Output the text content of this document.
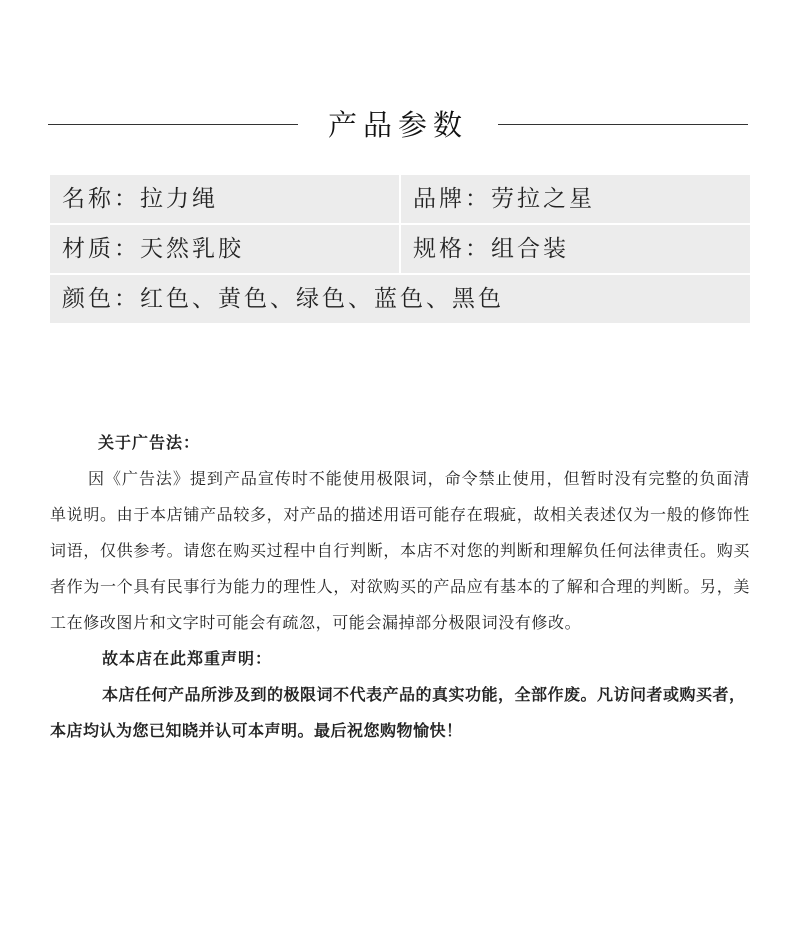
产品参数
名称：拉力绳	品牌：劳拉之星
材质：天然乳胶	规格：组合装
颜色：红色、黄色、绿色、蓝色、黑色
关于广告法：
因《广告法》提到产品宣传时不能使用极限词，命令禁止使用，但暂时没有完整的负面清单说明。由于本店铺产品较多，对产品的描述用语可能存在瑕疵，故相关表述仅为一般的修饰性词语，仅供参考。请您在购买过程中自行判断，本店不对您的判断和理解负任何法律责任。购买者作为一个具有民事行为能力的理性人，对欲购买的产品应有基本的了解和合理的判断。另，美工在修改图片和文字时可能会有疏忽，可能会漏掉部分极限词没有修改。
故本店在此郑重声明：
本店任何产品所涉及到的极限词不代表产品的真实功能，全部作废。凡访问者或购买者，本店均认为您已知晓并认可本声明。最后祝您购物愉快！
